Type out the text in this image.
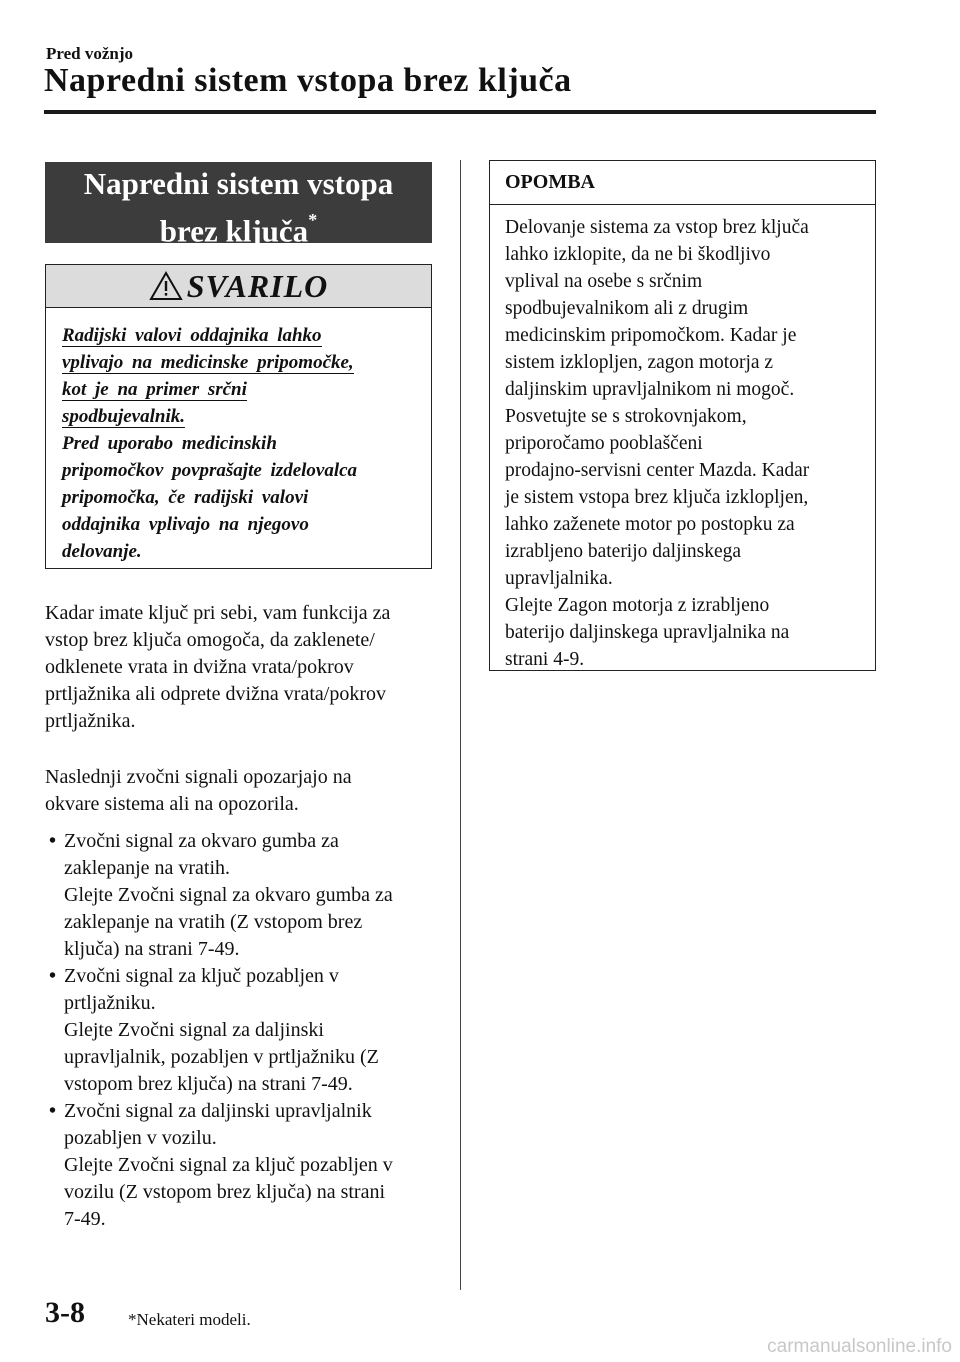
Pred vožnjo
Napredni sistem vstopa brez ključa
Napredni sistem vstopa
brez ključa*
SVARILO

Radijski valovi oddajnika lahko

vplivajo na medicinske pripomočke,

kot je na primer srčni

spodbujevalnik.

Pred uporabo medicinskih

pripomočkov povprašajte izdelovalca

pripomočka, če radijski valovi

oddajnika vplivajo na njegovo

delovanje.

Kadar imate ključ pri sebi, vam funkcija za
vstop brez ključa omogoča, da zaklenete/
odklenete vrata in dvižna vrata/pokrov
prtljažnika ali odprete dvižna vrata/pokrov
prtljažnika.
Naslednji zvočni signali opozarjajo na
okvare sistema ali na opozorila.
• Zvočni signal za okvaro gumba za
zaklepanje na vratih.
Glejte Zvočni signal za okvaro gumba za
zaklepanje na vratih (Z vstopom brez
ključa) na strani 7-49.
• Zvočni signal za ključ pozabljen v
prtljažniku.
Glejte Zvočni signal za daljinski
upravljalnik, pozabljen v prtljažniku (Z
vstopom brez ključa) na strani 7-49.
• Zvočni signal za daljinski upravljalnik
pozabljen v vozilu.
Glejte Zvočni signal za ključ pozabljen v
vozilu (Z vstopom brez ključa) na strani
7-49.
OPOMBA

Delovanje sistema za vstop brez ključa

lahko izklopite, da ne bi škodljivo

vplival na osebe s srčnim

spodbujevalnikom ali z drugim

medicinskim pripomočkom. Kadar je

sistem izklopljen, zagon motorja z

daljinskim upravljalnikom ni mogoč.

Posvetujte se s strokovnjakom,

priporočamo pooblaščeni

prodajno-servisni center Mazda. Kadar

je sistem vstopa brez ključa izklopljen,

lahko zaženete motor po postopku za

izrabljeno baterijo daljinskega

upravljalnika.

Glejte Zagon motorja z izrabljeno

baterijo daljinskega upravljalnika na

strani 4-9.

3-8	*Nekateri modeli.
carmanualsonline.info
